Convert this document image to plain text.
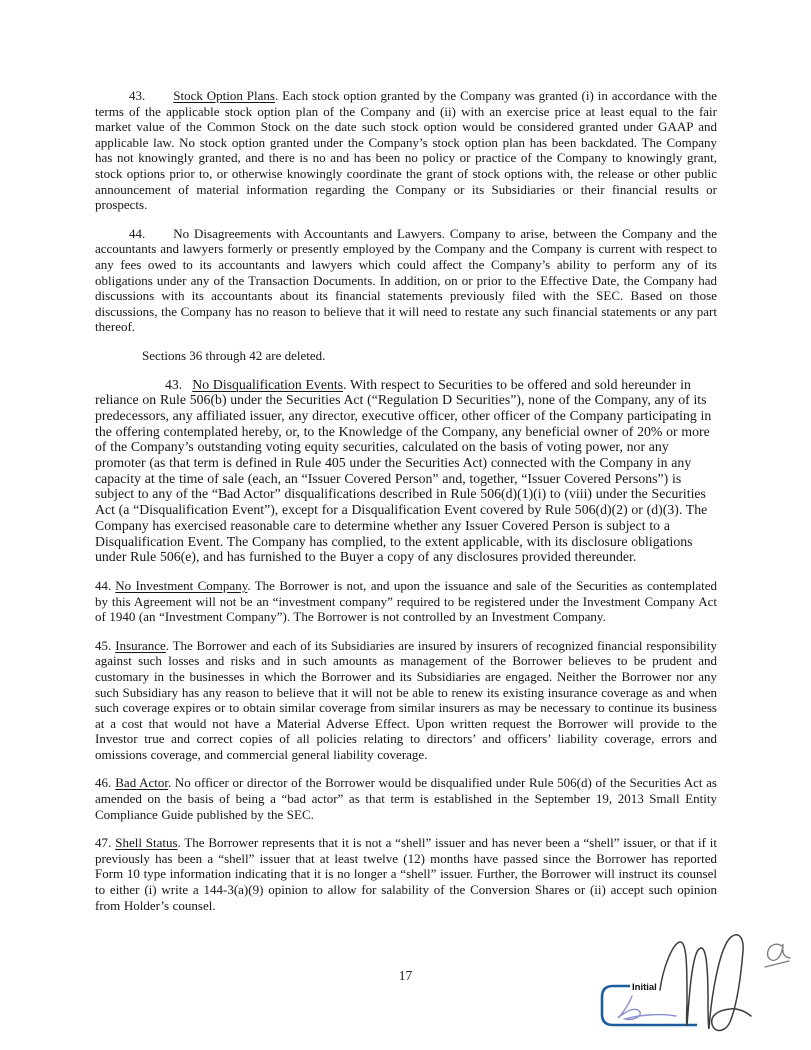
43. Stock Option Plans. Each stock option granted by the Company was granted (i) in accordance with the terms of the applicable stock option plan of the Company and (ii) with an exercise price at least equal to the fair market value of the Common Stock on the date such stock option would be considered granted under GAAP and applicable law. No stock option granted under the Company’s stock option plan has been backdated. The Company has not knowingly granted, and there is no and has been no policy or practice of the Company to knowingly grant, stock options prior to, or otherwise knowingly coordinate the grant of stock options with, the release or other public announcement of material information regarding the Company or its Subsidiaries or their financial results or prospects.

44. No Disagreements with Accountants and Lawyers. Company to arise, between the Company and the accountants and lawyers formerly or presently employed by the Company and the Company is current with respect to any fees owed to its accountants and lawyers which could affect the Company’s ability to perform any of its obligations under any of the Transaction Documents. In addition, on or prior to the Effective Date, the Company had discussions with its accountants about its financial statements previously filed with the SEC. Based on those discussions, the Company has no reason to believe that it will need to restate any such financial statements or any part thereof.

Sections 36 through 42 are deleted.

43. No Disqualification Events. With respect to Securities to be offered and sold hereunder in reliance on Rule 506(b) under the Securities Act (“Regulation D Securities”), none of the Company, any of its predecessors, any affiliated issuer, any director, executive officer, other officer of the Company participating in the offering contemplated hereby, or, to the Knowledge of the Company, any beneficial owner of 20% or more of the Company’s outstanding voting equity securities, calculated on the basis of voting power, nor any promoter (as that term is defined in Rule 405 under the Securities Act) connected with the Company in any capacity at the time of sale (each, an “Issuer Covered Person” and, together, “Issuer Covered Persons”) is subject to any of the “Bad Actor” disqualifications described in Rule 506(d)(1)(i) to (viii) under the Securities Act (a “Disqualification Event”), except for a Disqualification Event covered by Rule 506(d)(2) or (d)(3). The Company has exercised reasonable care to determine whether any Issuer Covered Person is subject to a Disqualification Event. The Company has complied, to the extent applicable, with its disclosure obligations under Rule 506(e), and has furnished to the Buyer a copy of any disclosures provided thereunder.

44. No Investment Company. The Borrower is not, and upon the issuance and sale of the Securities as contemplated by this Agreement will not be an “investment company” required to be registered under the Investment Company Act of 1940 (an “Investment Company”). The Borrower is not controlled by an Investment Company.

45. Insurance. The Borrower and each of its Subsidiaries are insured by insurers of recognized financial responsibility against such losses and risks and in such amounts as management of the Borrower believes to be prudent and customary in the businesses in which the Borrower and its Subsidiaries are engaged. Neither the Borrower nor any such Subsidiary has any reason to believe that it will not be able to renew its existing insurance coverage as and when such coverage expires or to obtain similar coverage from similar insurers as may be necessary to continue its business at a cost that would not have a Material Adverse Effect. Upon written request the Borrower will provide to the Investor true and correct copies of all policies relating to directors’ and officers’ liability coverage, errors and omissions coverage, and commercial general liability coverage.

46. Bad Actor. No officer or director of the Borrower would be disqualified under Rule 506(d) of the Securities Act as amended on the basis of being a “bad actor” as that term is established in the September 19, 2013 Small Entity Compliance Guide published by the SEC.

47. Shell Status. The Borrower represents that it is not a “shell” issuer and has never been a “shell” issuer, or that if it previously has been a “shell” issuer that at least twelve (12) months have passed since the Borrower has reported Form 10 type information indicating that it is no longer a “shell” issuer. Further, the Borrower will instruct its counsel to either (i) write a 144-3(a)(9) opinion to allow for salability of the Conversion Shares or (ii) accept such opinion from Holder’s counsel.

17
Initial
